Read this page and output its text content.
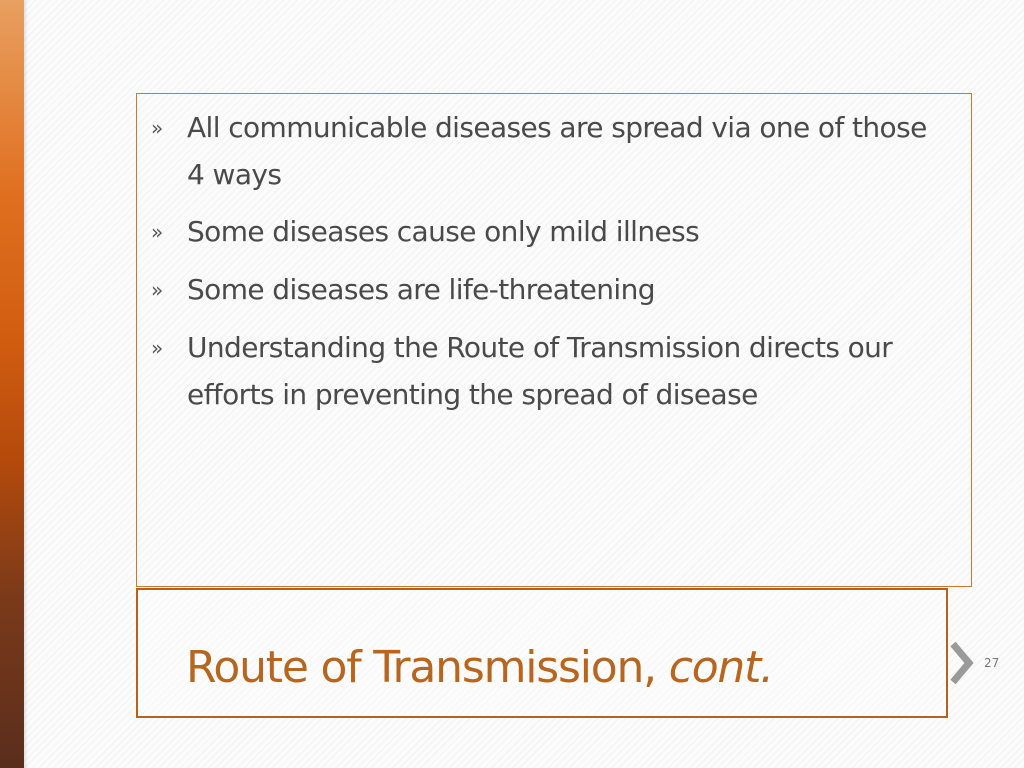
» All communicable diseases are spread via one of those 4 ways
» Some diseases cause only mild illness
» Some diseases are life-threatening
» Understanding the Route of Transmission directs our efforts in preventing the spread of disease
Route of Transmission, cont.	27
